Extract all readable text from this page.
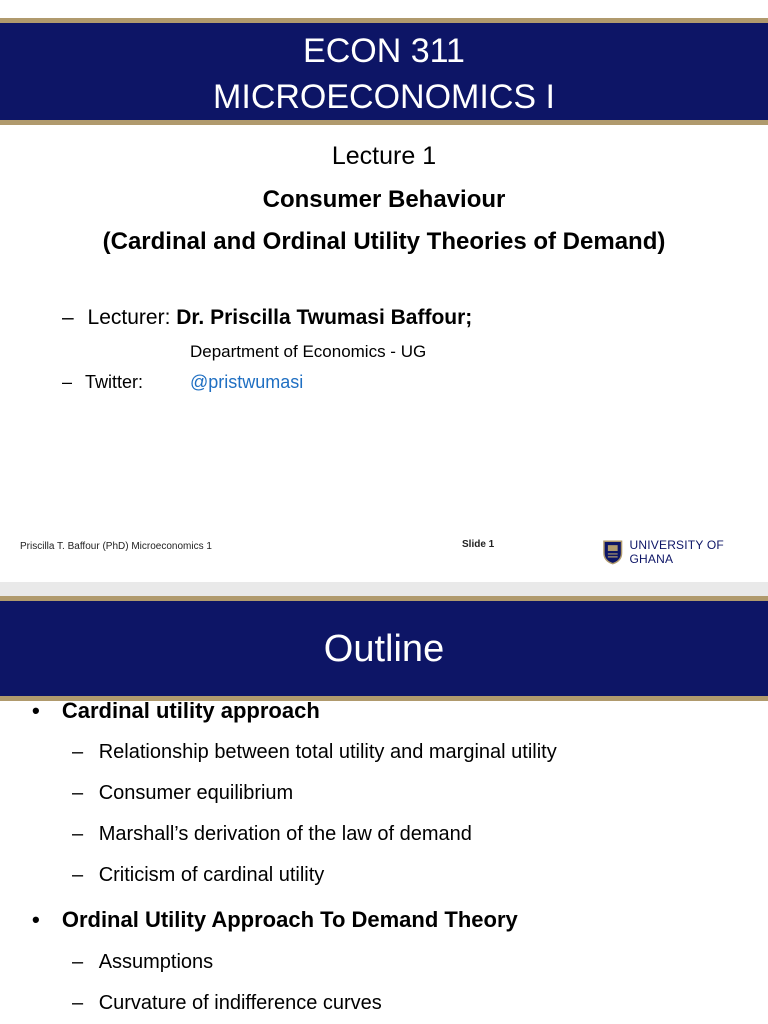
ECON 311
MICROECONOMICS I
Lecture 1
Consumer Behaviour
(Cardinal and Ordinal Utility Theories of Demand)
– Lecturer: Dr. Priscilla Twumasi Baffour;
Department of Economics - UG
– Twitter:	@pristwumasi
Priscilla T. Baffour (PhD) Microeconomics 1	Slide 1	UNIVERSITY OF GHANA
Outline
• Cardinal utility approach
– Relationship between total utility and marginal utility
– Consumer equilibrium
– Marshall’s derivation of the law of demand
– Criticism of cardinal utility
• Ordinal Utility Approach To Demand Theory
– Assumptions
– Curvature of indifference curves
